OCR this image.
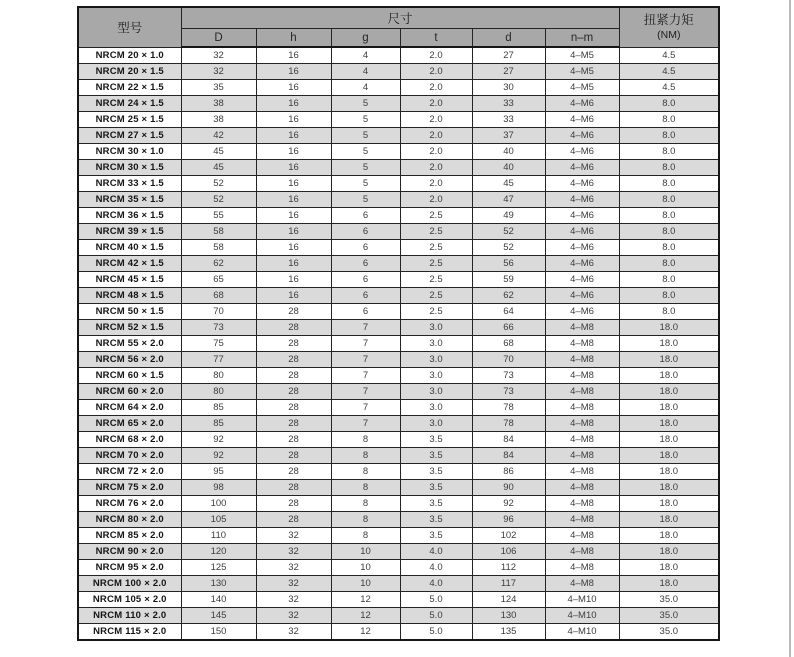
型号	尺寸						扭紧力矩
(NM)

	D	h	g	t	d	n–m	
NRCM 20 × 1.0	32	16	4	2.0	27	4–M5	4.5
NRCM 20 × 1.5	32	16	4	2.0	27	4–M5	4.5
NRCM 22 × 1.5	35	16	4	2.0	30	4–M5	4.5
NRCM 24 × 1.5	38	16	5	2.0	33	4–M6	8.0
NRCM 25 × 1.5	38	16	5	2.0	33	4–M6	8.0
NRCM 27 × 1.5	42	16	5	2.0	37	4–M6	8.0
NRCM 30 × 1.0	45	16	5	2.0	40	4–M6	8.0
NRCM 30 × 1.5	45	16	5	2.0	40	4–M6	8.0
NRCM 33 × 1.5	52	16	5	2.0	45	4–M6	8.0
NRCM 35 × 1.5	52	16	5	2.0	47	4–M6	8.0
NRCM 36 × 1.5	55	16	6	2.5	49	4–M6	8.0
NRCM 39 × 1.5	58	16	6	2.5	52	4–M6	8.0
NRCM 40 × 1.5	58	16	6	2.5	52	4–M6	8.0
NRCM 42 × 1.5	62	16	6	2.5	56	4–M6	8.0
NRCM 45 × 1.5	65	16	6	2.5	59	4–M6	8.0
NRCM 48 × 1.5	68	16	6	2.5	62	4–M6	8.0
NRCM 50 × 1.5	70	28	6	2.5	64	4–M6	8.0
NRCM 52 × 1.5	73	28	7	3.0	66	4–M8	18.0
NRCM 55 × 2.0	75	28	7	3.0	68	4–M8	18.0
NRCM 56 × 2.0	77	28	7	3.0	70	4–M8	18.0
NRCM 60 × 1.5	80	28	7	3.0	73	4–M8	18.0
NRCM 60 × 2.0	80	28	7	3.0	73	4–M8	18.0
NRCM 64 × 2.0	85	28	7	3.0	78	4–M8	18.0
NRCM 65 × 2.0	85	28	7	3.0	78	4–M8	18.0
NRCM 68 × 2.0	92	28	8	3.5	84	4–M8	18.0
NRCM 70 × 2.0	92	28	8	3.5	84	4–M8	18.0
NRCM 72 × 2.0	95	28	8	3.5	86	4–M8	18.0
NRCM 75 × 2.0	98	28	8	3.5	90	4–M8	18.0
NRCM 76 × 2.0	100	28	8	3.5	92	4–M8	18.0
NRCM 80 × 2.0	105	28	8	3.5	96	4–M8	18.0
NRCM 85 × 2.0	110	32	8	3.5	102	4–M8	18.0
NRCM 90 × 2.0	120	32	10	4.0	106	4–M8	18.0
NRCM 95 × 2.0	125	32	10	4.0	112	4–M8	18.0
NRCM 100 × 2.0	130	32	10	4.0	117	4–M8	18.0
NRCM 105 × 2.0	140	32	12	5.0	124	4–M10	35.0
NRCM 110 × 2.0	145	32	12	5.0	130	4–M10	35.0
NRCM 115 × 2.0	150	32	12	5.0	135	4–M10	35.0
